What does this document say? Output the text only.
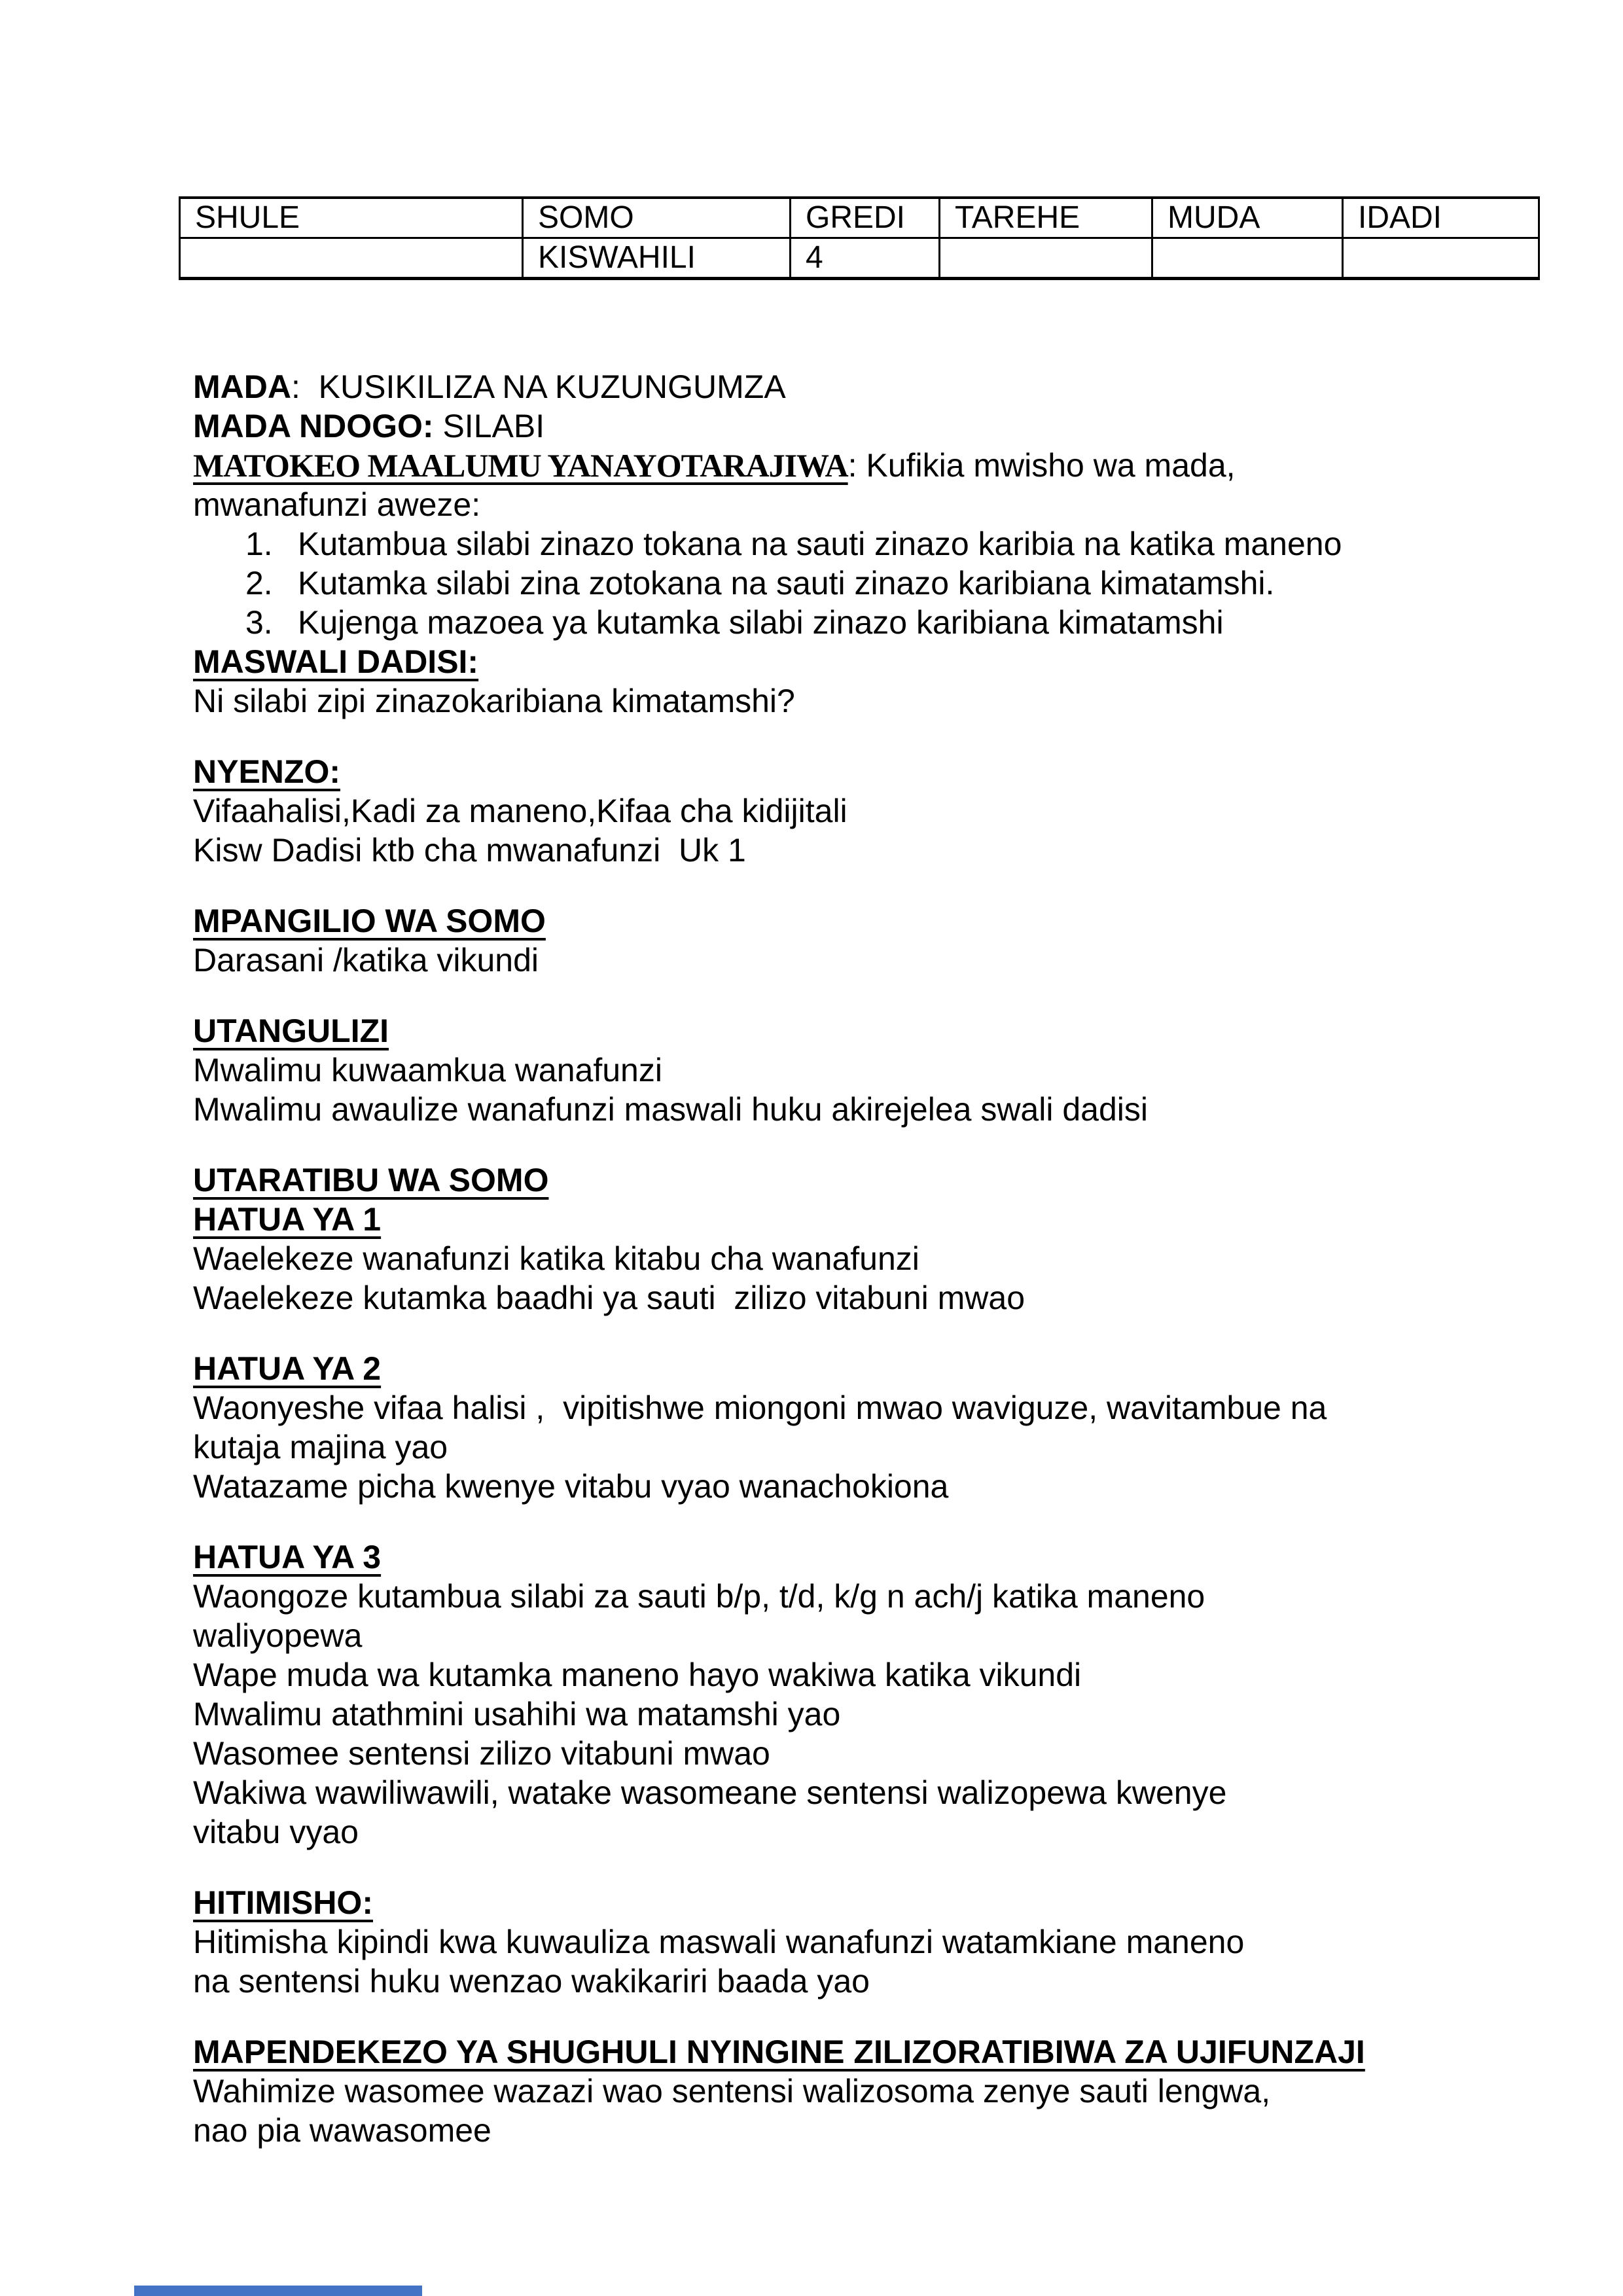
SHULE	SOMO	GREDI	TAREHE	MUDA	IDADI
	KISWAHILI	4			

MADA:  KUSIKILIZA NA KUZUNGUMZA

MADA NDOGO: SILABI

MATOKEO MAALUMU YANAYOTARAJIWA: Kufikia mwisho wa mada,

mwanafunzi aweze:

1. Kutambua silabi zinazo tokana na sauti zinazo karibia na katika maneno

2. Kutamka silabi zina zotokana na sauti zinazo karibiana kimatamshi.

3. Kujenga mazoea ya kutamka silabi zinazo karibiana kimatamshi

MASWALI DADISI:

Ni silabi zipi zinazokaribiana kimatamshi?

NYENZO:

Vifaahalisi,Kadi za maneno,Kifaa cha kidijitali

Kisw Dadisi ktb cha mwanafunzi  Uk 1

MPANGILIO WA SOMO

Darasani /katika vikundi

UTANGULIZI

Mwalimu kuwaamkua wanafunzi

Mwalimu awaulize wanafunzi maswali huku akirejelea swali dadisi

UTARATIBU WA SOMO

HATUA YA 1

Waelekeze wanafunzi katika kitabu cha wanafunzi

Waelekeze kutamka baadhi ya sauti  zilizo vitabuni mwao

HATUA YA 2

Waonyeshe vifaa halisi ,  vipitishwe miongoni mwao waviguze, wavitambue na

kutaja majina yao

Watazame picha kwenye vitabu vyao wanachokiona

HATUA YA 3

Waongoze kutambua silabi za sauti b/p, t/d, k/g n ach/j katika maneno

waliyopewa

Wape muda wa kutamka maneno hayo wakiwa katika vikundi

Mwalimu atathmini usahihi wa matamshi yao

Wasomee sentensi zilizo vitabuni mwao

Wakiwa wawiliwawili, watake wasomeane sentensi walizopewa kwenye

vitabu vyao

HITIMISHO:

Hitimisha kipindi kwa kuwauliza maswali wanafunzi watamkiane maneno

na sentensi huku wenzao wakikariri baada yao

MAPENDEKEZO YA SHUGHULI NYINGINE ZILIZORATIBIWA ZA UJIFUNZAJI

Wahimize wasomee wazazi wao sentensi walizosoma zenye sauti lengwa,

nao pia wawasomee
